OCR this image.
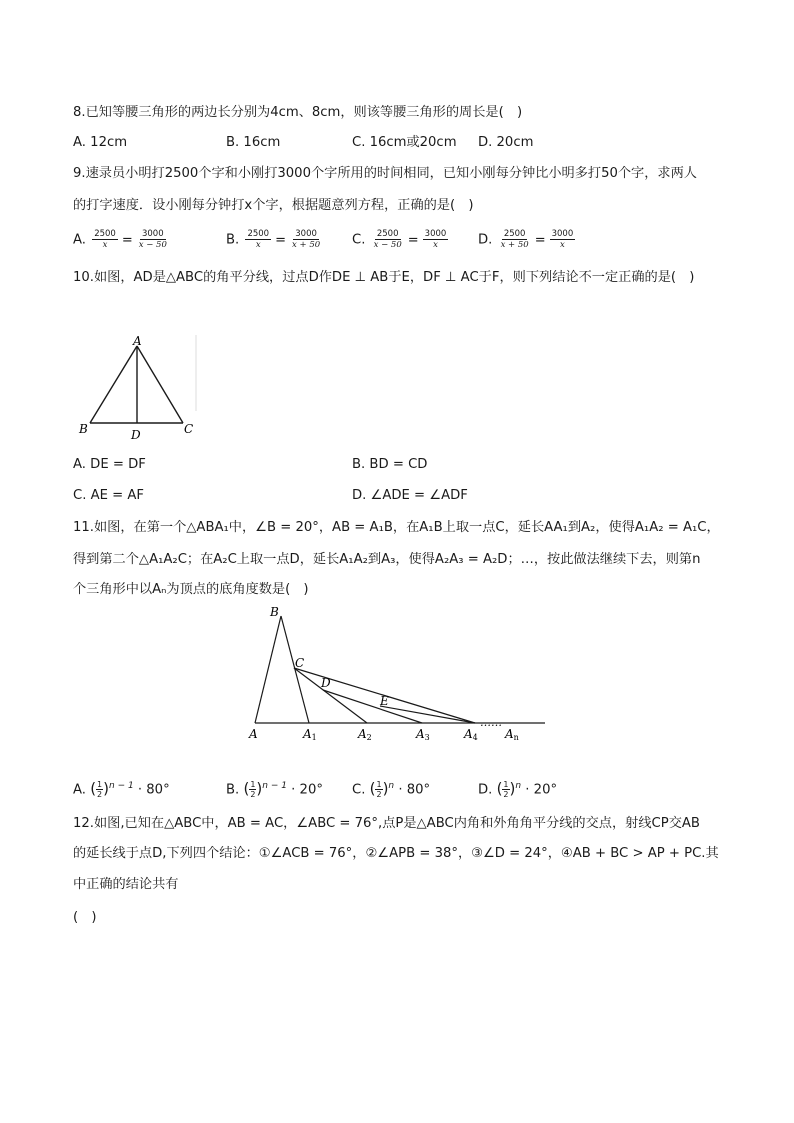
8.已知等腰三角形的两边长分别为4cm、8cm，则该等腰三角形的周长是(　)
A. 12cm	B. 16cm	C. 16cm或20cm D. 20cm
9.速录员小明打2500个字和小刚打3000个字所用的时间相同，已知小刚每分钟比小明多打50个字，求两人
的打字速度．设小刚每分钟打x个字，根据题意列方程，正确的是(　)
A. $\frac{2500}{x} = \frac{3000}{x - 50}$	B. $\frac{2500}{x} = \frac{3000}{x + 50} C$. $\frac{2500}{x - 50} = \frac{3000}{x} D$. $\frac{2500}{x + 50} = \frac{3000}{x}$
10.如图，AD是△ABC的角平分线，过点D作DE ⊥ AB于E，DF ⊥ AC于F，则下列结论不一定正确的是(　)
A
B	D	C
A. DE = DF	B. BD = CD
C. AE = AF	D. ∠ADE = ∠ADF
11.如图，在第一个△ABA₁中，∠B = 20°，AB = A₁B，在A₁B上取一点C，延长AA₁到A₂，使得A₁A₂ = A₁C，
得到第二个△A₁A₂C；在A₂C上取一点D，延长A₁A₂到A₃，使得A₂A₃ = A₂D；…，按此做法继续下去，则第n
个三角形中以Aₙ为顶点的底角度数是(　)
B
C
D
E
A	A1	A2	A3	A4
……
An
A. ( $\frac{1}{2} )^{n - 1} \cdot 80^\circ$	B. ( $\frac{1}{2} )^{n - 1} \cdot 20^\circ$ C. ( $\frac{1}{2} )^n \cdot 80^\circ$	D. ( $\frac{1}{2} )^n \cdot 20^\circ$
12.如图,已知在△ABC中，AB = AC，∠ABC = 76°,点P是△ABC内角和外角角平分线的交点，射线CP交AB
的延长线于点D,下列四个结论：①∠ACB = 76°，②∠APB = 38°，③∠D = 24°，④AB + BC > AP + PC.其
中正确的结论共有
(　)
